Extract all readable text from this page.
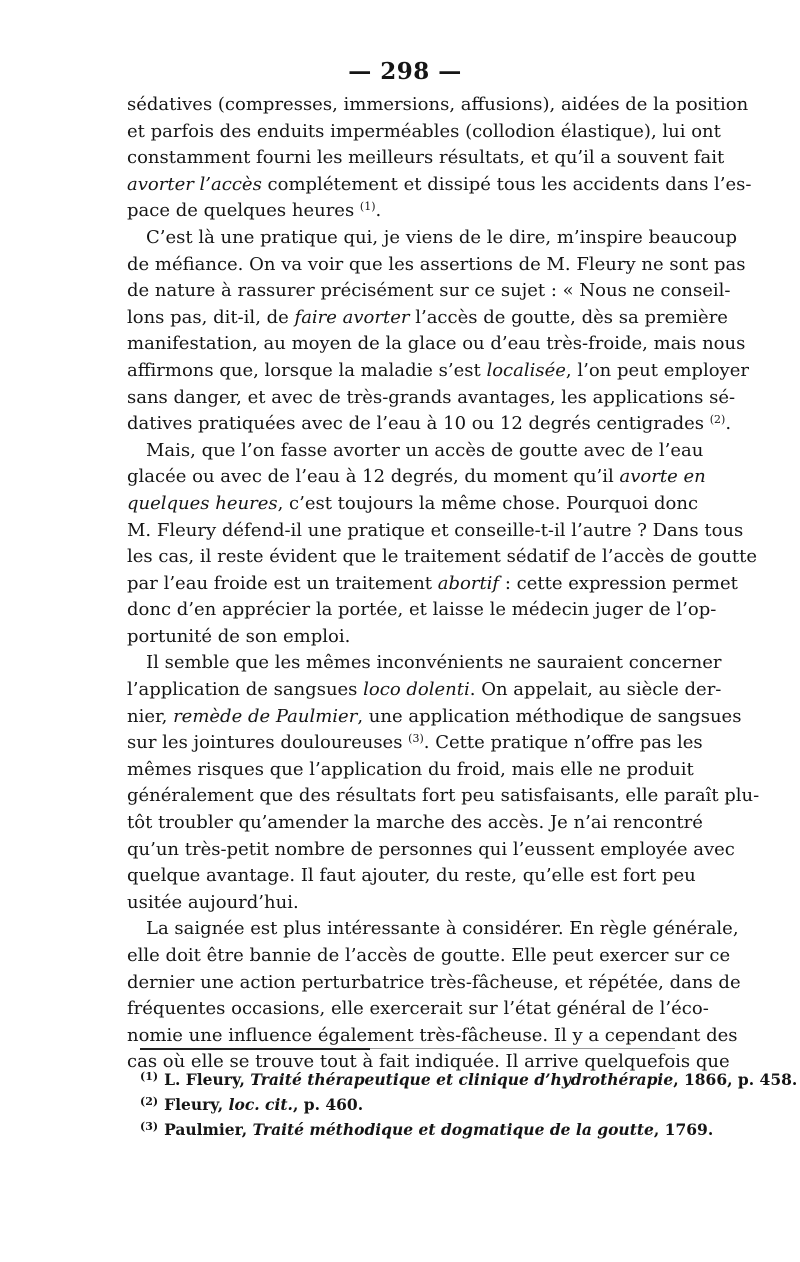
— 298 —
sédatives (compresses, immersions, affusions), aidées de la position
et parfois des enduits imperméables (collodion élastique), lui ont
constamment fourni les meilleurs résultats, et qu’il a souvent fait
avorter l’accès complétement et dissipé tous les accidents dans l’es-
pace de quelques heures $^{(1)}$.
C’est là une pratique qui, je viens de le dire, m’inspire beaucoup
de méfiance. On va voir que les assertions de M. Fleury ne sont pas
de nature à rassurer précisément sur ce sujet : « Nous ne conseil-
lons pas, dit-il, de faire avorter l’accès de goutte, dès sa première
manifestation, au moyen de la glace ou d’eau très-froide, mais nous
affirmons que, lorsque la maladie s’est localisée, l’on peut employer
sans danger, et avec de très-grands avantages, les applications sé-
datives pratiquées avec de l’eau à 10 ou 12 degrés centigrades $^{(2)}$.
Mais, que l’on fasse avorter un accès de goutte avec de l’eau
glacée ou avec de l’eau à 12 degrés, du moment qu’il avorte en
quelques heures, c’est toujours la même chose. Pourquoi donc
M. Fleury défend-il une pratique et conseille-t-il l’autre ? Dans tous
les cas, il reste évident que le traitement sédatif de l’accès de goutte
par l’eau froide est un traitement abortif : cette expression permet
donc d’en apprécier la portée, et laisse le médecin juger de l’op-
portunité de son emploi.
Il semble que les mêmes inconvénients ne sauraient concerner
l’application de sangsues loco dolenti. On appelait, au siècle der-
nier, remède de Paulmier, une application méthodique de sangsues
sur les jointures douloureuses $^{(3)}$. Cette pratique n’offre pas les
mêmes risques que l’application du froid, mais elle ne produit
généralement que des résultats fort peu satisfaisants, elle paraît plu-
tôt troubler qu’amender la marche des accès. Je n’ai rencontré
qu’un très-petit nombre de personnes qui l’eussent employée avec
quelque avantage. Il faut ajouter, du reste, qu’elle est fort peu
usitée aujourd’hui.
La saignée est plus intéressante à considérer. En règle générale,
elle doit être bannie de l’accès de goutte. Elle peut exercer sur ce
dernier une action perturbatrice très-fâcheuse, et répétée, dans de
fréquentes occasions, elle exercerait sur l’état général de l’éco-
nomie une influence également très-fâcheuse. Il y a cependant des
cas où elle se trouve tout à fait indiquée. Il arrive quelquefois que
$^{(1)}$ L. Fleury, Traité thérapeutique et clinique d’hydrothérapie, 1866, p. 458.
$^{(2)}$ Fleury, loc. cit., p. 460.
$^{(3)}$ Paulmier, Traité méthodique et dogmatique de la goutte, 1769.
